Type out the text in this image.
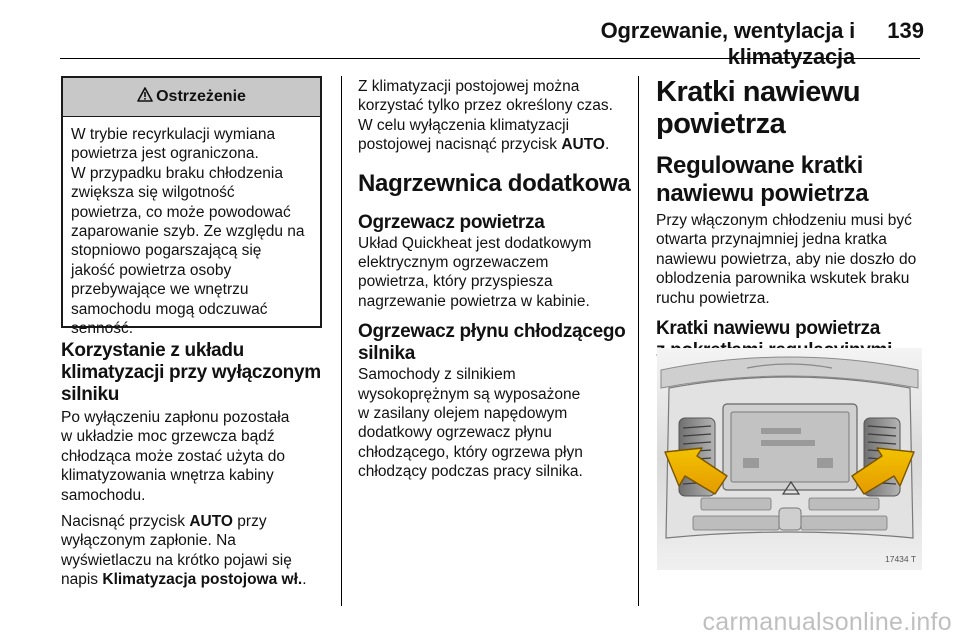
Ogrzewanie, wentylacja i klimatyzacja
139
Ostrzeżenie

W trybie recyrkulacji wymiana

powietrza jest ograniczona.

W przypadku braku chłodzenia

zwiększa się wilgotność

powietrza, co może powodować

zaparowanie szyb. Ze względu na

stopniowo pogarszającą się

jakość powietrza osoby

przebywające we wnętrzu

samochodu mogą odczuwać

senność.

Korzystanie z układu
klimatyzacji przy wyłączonym
silniku

Po wyłączeniu zapłonu pozostała
w układzie moc grzewcza bądź
chłodząca może zostać użyta do
klimatyzowania wnętrza kabiny
samochodu.

Nacisnąć przycisk AUTO przy
wyłączonym zapłonie. Na
wyświetlaczu na krótko pojawi się
napis Klimatyzacja postojowa wł..

Z klimatyzacji postojowej można
korzystać tylko przez określony czas.
W celu wyłączenia klimatyzacji
postojowej nacisnąć przycisk AUTO.

Nagrzewnica dodatkowa
Ogrzewacz powietrza

Układ Quickheat jest dodatkowym
elektrycznym ogrzewaczem
powietrza, który przyspiesza
nagrzewanie powietrza w kabinie.

Ogrzewacz płynu chłodzącego
silnika

Samochody z silnikiem
wysokoprężnym są wyposażone
w zasilany olejem napędowym
dodatkowy ogrzewacz płynu
chłodzącego, który ogrzewa płyn
chłodzący podczas pracy silnika.

Kratki nawiewu
powietrza
Regulowane kratki
nawiewu powietrza

Przy włączonym chłodzeniu musi być
otwarta przynajmniej jedna kratka
nawiewu powietrza, aby nie doszło do
oblodzenia parownika wskutek braku
ruchu powietrza.

Kratki nawiewu powietrza
17434 T
carmanualsonline.info
